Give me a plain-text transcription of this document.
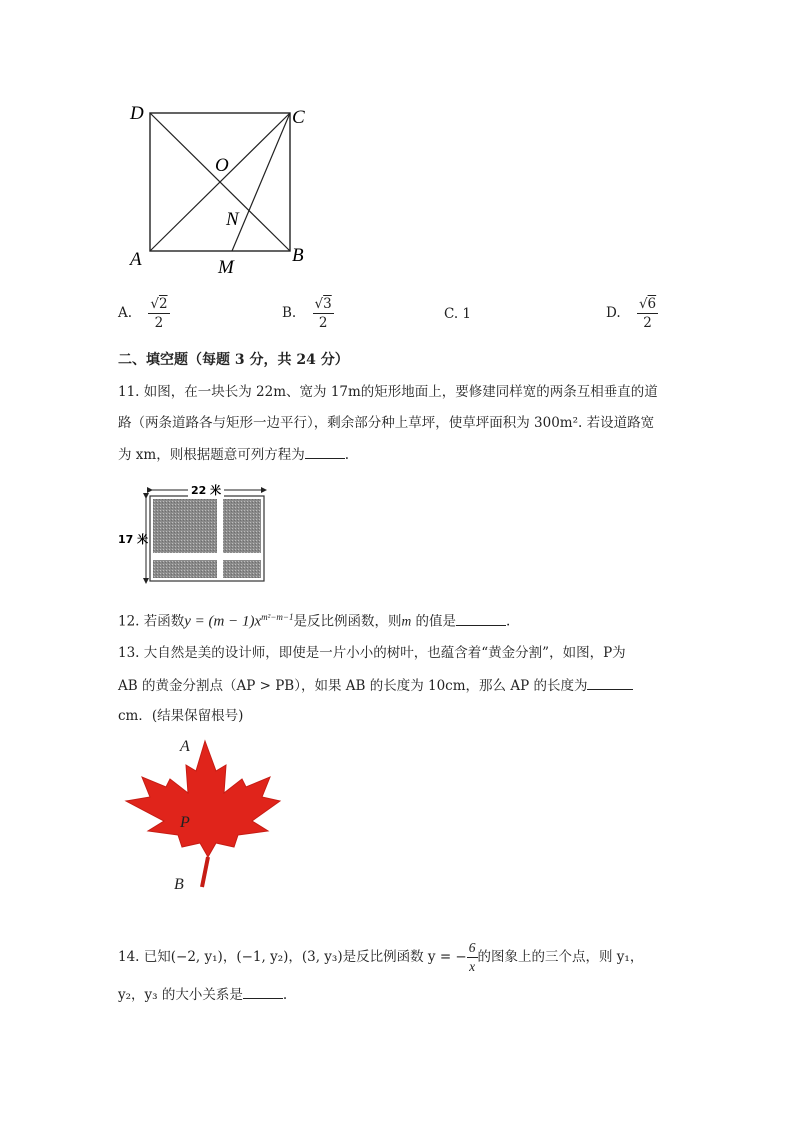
D	C
O
N
A	M
B
A. $\frac{√2}{2}$	B. $\frac{√3}{2}$	C. 1	D. $\frac{√6}{2}$
二、填空题（每题 3 分，共 24 分）
11. 如图，在一块长为 22m、宽为 17m的矩形地面上，要修建同样宽的两条互相垂直的道
路（两条道路各与矩形一边平行），剩余部分种上草坪，使草坪面积为 300m². 若设道路宽
为 xm，则根据题意可列方程为	.
22 米
17 米
12. 若函数$y = (m - 1)x^{m^2-m-1}$是反比例函数，则m 的值是	.
13. 大自然是美的设计师，即使是一片小小的树叶，也蕴含着“黄金分割”，如图，P为
AB 的黄金分割点（AP > PB），如果 AB 的长度为 10cm，那么 AP 的长度为
cm．(结果保留根号)
A
P
B
14. 已知(−2, y₁)，(−1, y₂)，(3, y₃)是反比例函数 y = − $\frac{6}{x}$ 的图象上的三个点，则 y₁，
y₂，y₃ 的大小关系是	.
